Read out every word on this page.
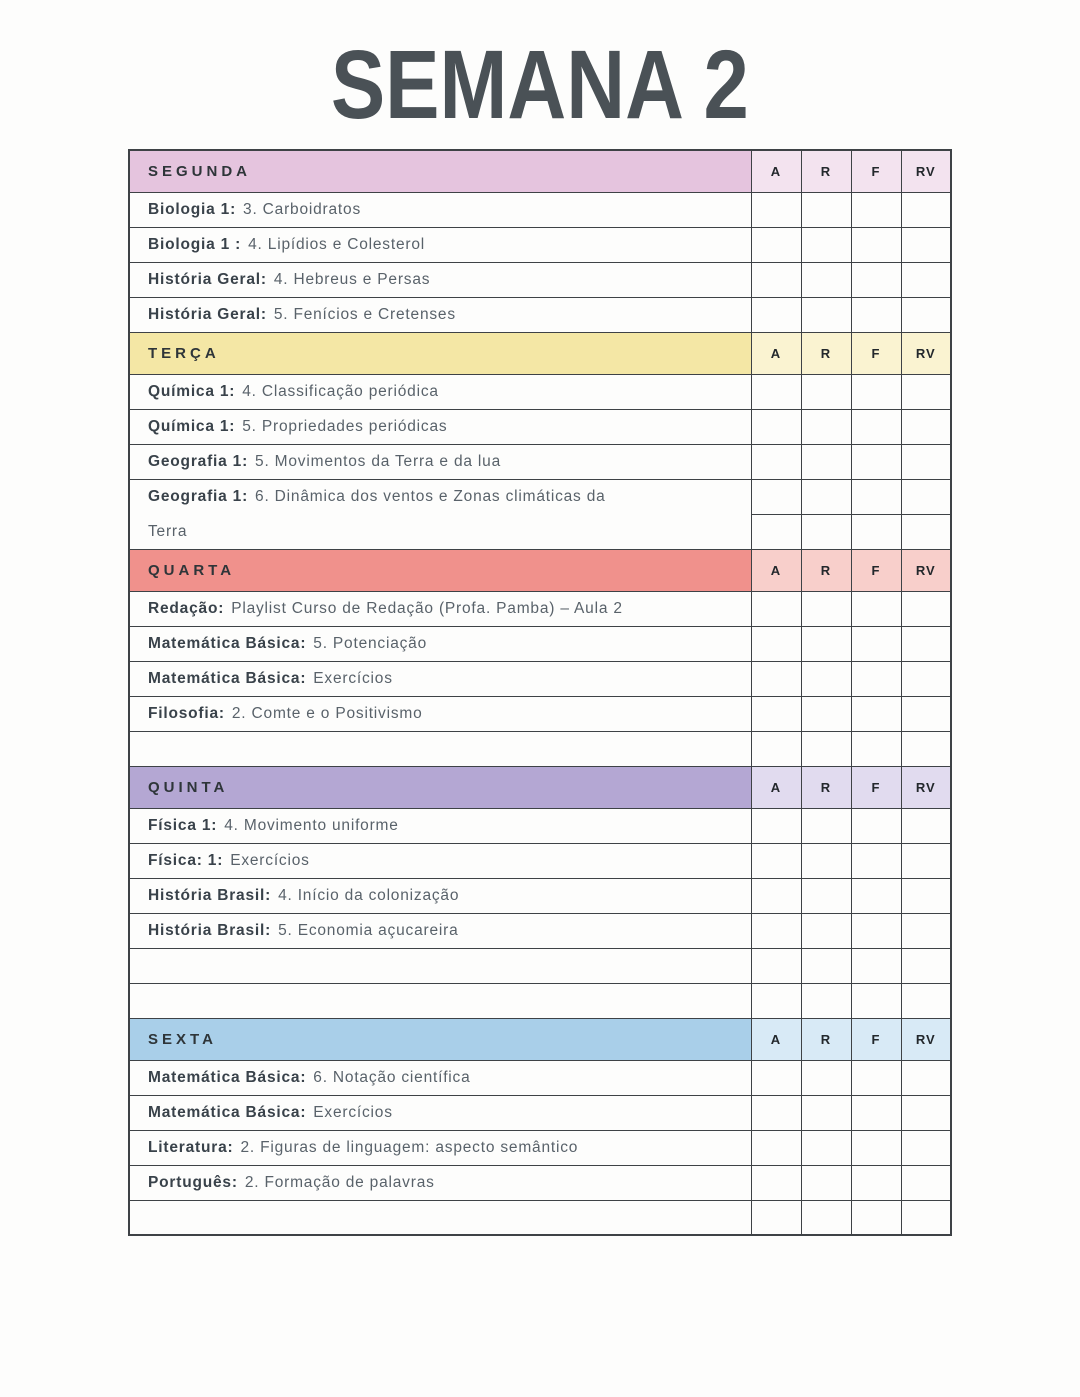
SEMANA 2
SEGUNDA	A	R	F	RV
Biologia 1: 3. Carboidratos				
Biologia 1 : 4. Lipídios e Colesterol				
História Geral: 4. Hebreus e Persas				
História Geral: 5. Fenícios e Cretenses				
TERÇA	A	R	F	RV
Química 1: 4. Classificação periódica				
Química 1: 5. Propriedades periódicas				
Geografia 1: 5. Movimentos da Terra e da lua				
Geografia 1: 6. Dinâmica dos ventos e Zonas climáticas da
Terra				

QUARTA	A	R	F	RV
Redação: Playlist Curso de Redação (Profa. Pamba) – Aula 2				
Matemática Básica: 5. Potenciação				
Matemática Básica: Exercícios				
Filosofia: 2. Comte e o Positivismo				

QUINTA	A	R	F	RV
Física 1: 4. Movimento uniforme				
Física: 1: Exercícios				
História Brasil: 4. Início da colonização				
História Brasil: 5. Economia açucareira				

SEXTA	A	R	F	RV
Matemática Básica: 6. Notação científica				
Matemática Básica: Exercícios				
Literatura: 2. Figuras de linguagem: aspecto semântico				
Português: 2. Formação de palavras				
